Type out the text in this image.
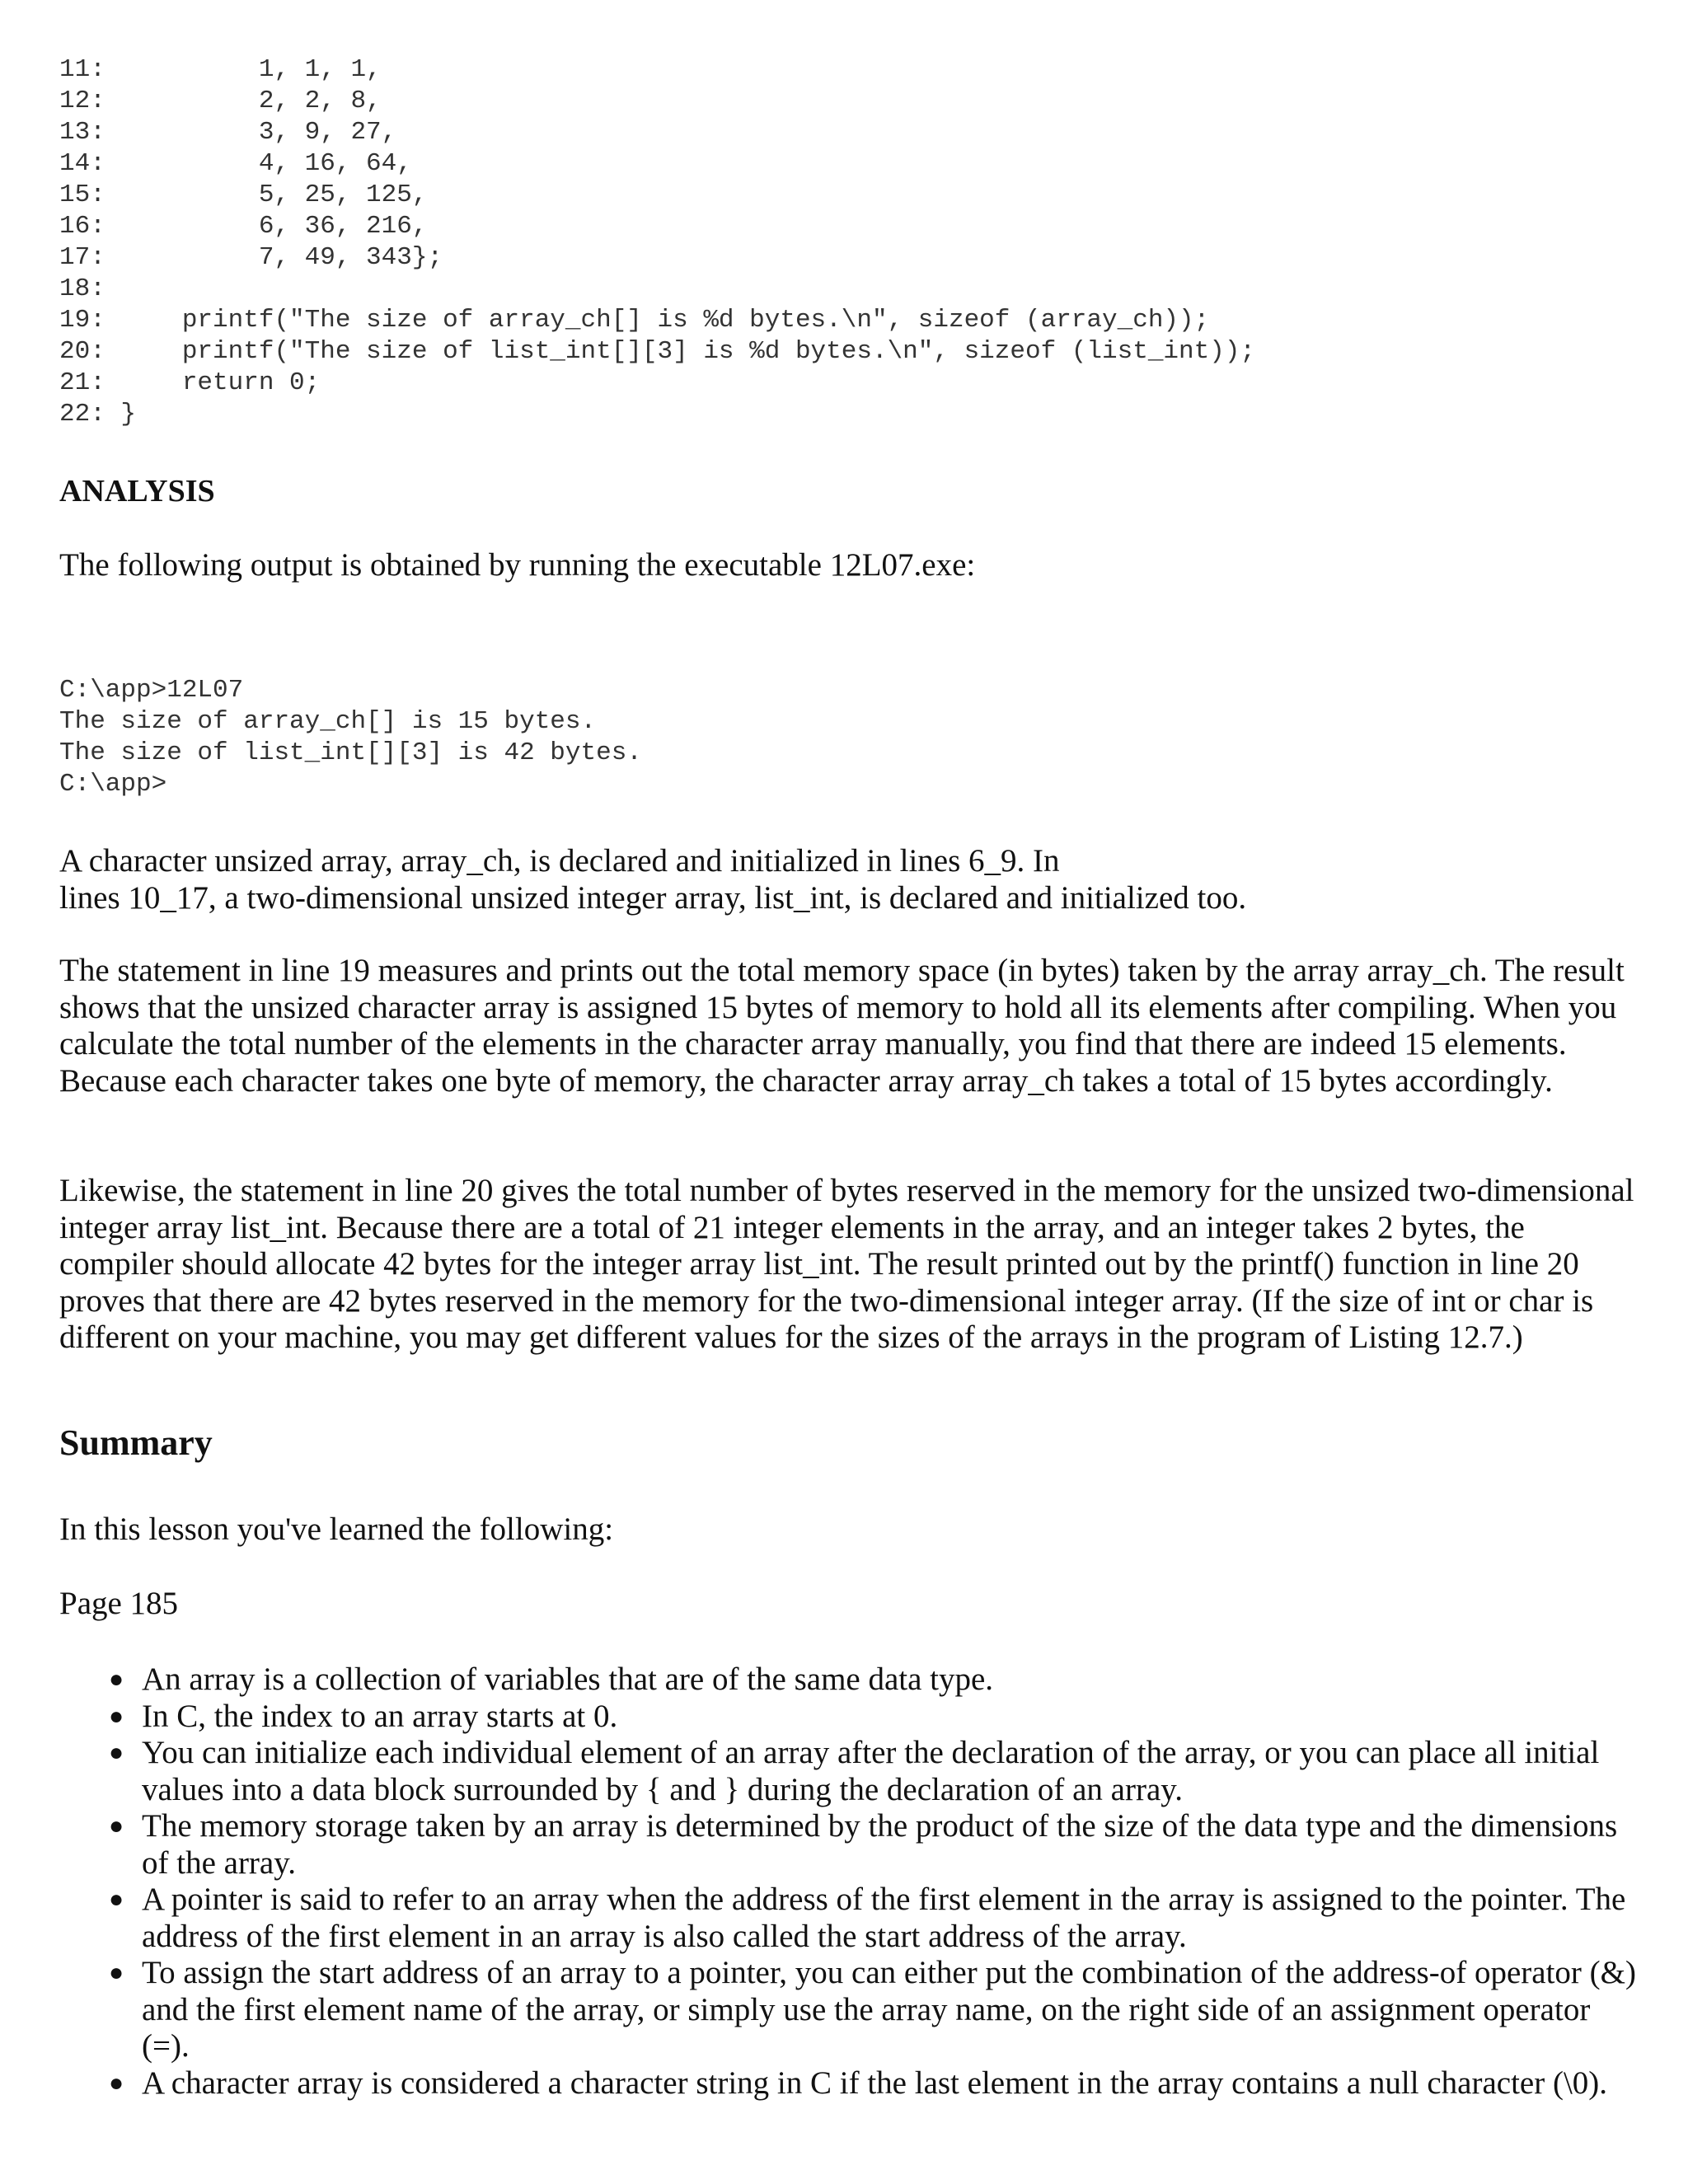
11:          1, 1, 1,
12:          2, 2, 8,
13:          3, 9, 27,
14:          4, 16, 64,
15:          5, 25, 125,
16:          6, 36, 216,
17:          7, 49, 343};
18:
19:     printf("The size of array_ch[] is %d bytes.\n", sizeof (array_ch));
20:     printf("The size of list_int[][3] is %d bytes.\n", sizeof (list_int));
21:     return 0;
22: }
ANALYSIS

The following output is obtained by running the executable 12L07.exe:

C:\app>12L07
The size of array_ch[] is 15 bytes.
The size of list_int[][3] is 42 bytes.
C:\app>

A character unsized array, array_ch, is declared and initialized in lines 6_9. In
lines 10_17, a two-dimensional unsized integer array, list_int, is declared and initialized too.

The statement in line 19 measures and prints out the total memory space (in bytes) taken by the array array_ch. The result shows that the unsized character array is assigned 15 bytes of memory to hold all its elements after compiling. When you calculate the total number of the elements in the character array manually, you find that there are indeed 15 elements. Because each character takes one byte of memory, the character array array_ch takes a total of 15 bytes accordingly.

Likewise, the statement in line 20 gives the total number of bytes reserved in the memory for the unsized two-dimensional integer array list_int. Because there are a total of 21 integer elements in the array, and an integer takes 2 bytes, the compiler should allocate 42 bytes for the integer array list_int. The result printed out by the printf() function in line 20 proves that there are 42 bytes reserved in the memory for the two-dimensional integer array. (If the size of int or char is different on your machine, you may get different values for the sizes of the arrays in the program of Listing 12.7.)

Summary

In this lesson you've learned the following:

Page 185

● An array is a collection of variables that are of the same data type.
● In C, the index to an array starts at 0.
● You can initialize each individual element of an array after the declaration of the array, or you can place all initial values into a data block surrounded by { and } during the declaration of an array.
● The memory storage taken by an array is determined by the product of the size of the data type and the dimensions of the array.
● A pointer is said to refer to an array when the address of the first element in the array is assigned to the pointer. The address of the first element in an array is also called the start address of the array.
● To assign the start address of an array to a pointer, you can either put the combination of the address-of operator (&) and the first element name of the array, or simply use the array name, on the right side of an assignment operator (=).
● A character array is considered a character string in C if the last element in the array contains a null character (\0).
